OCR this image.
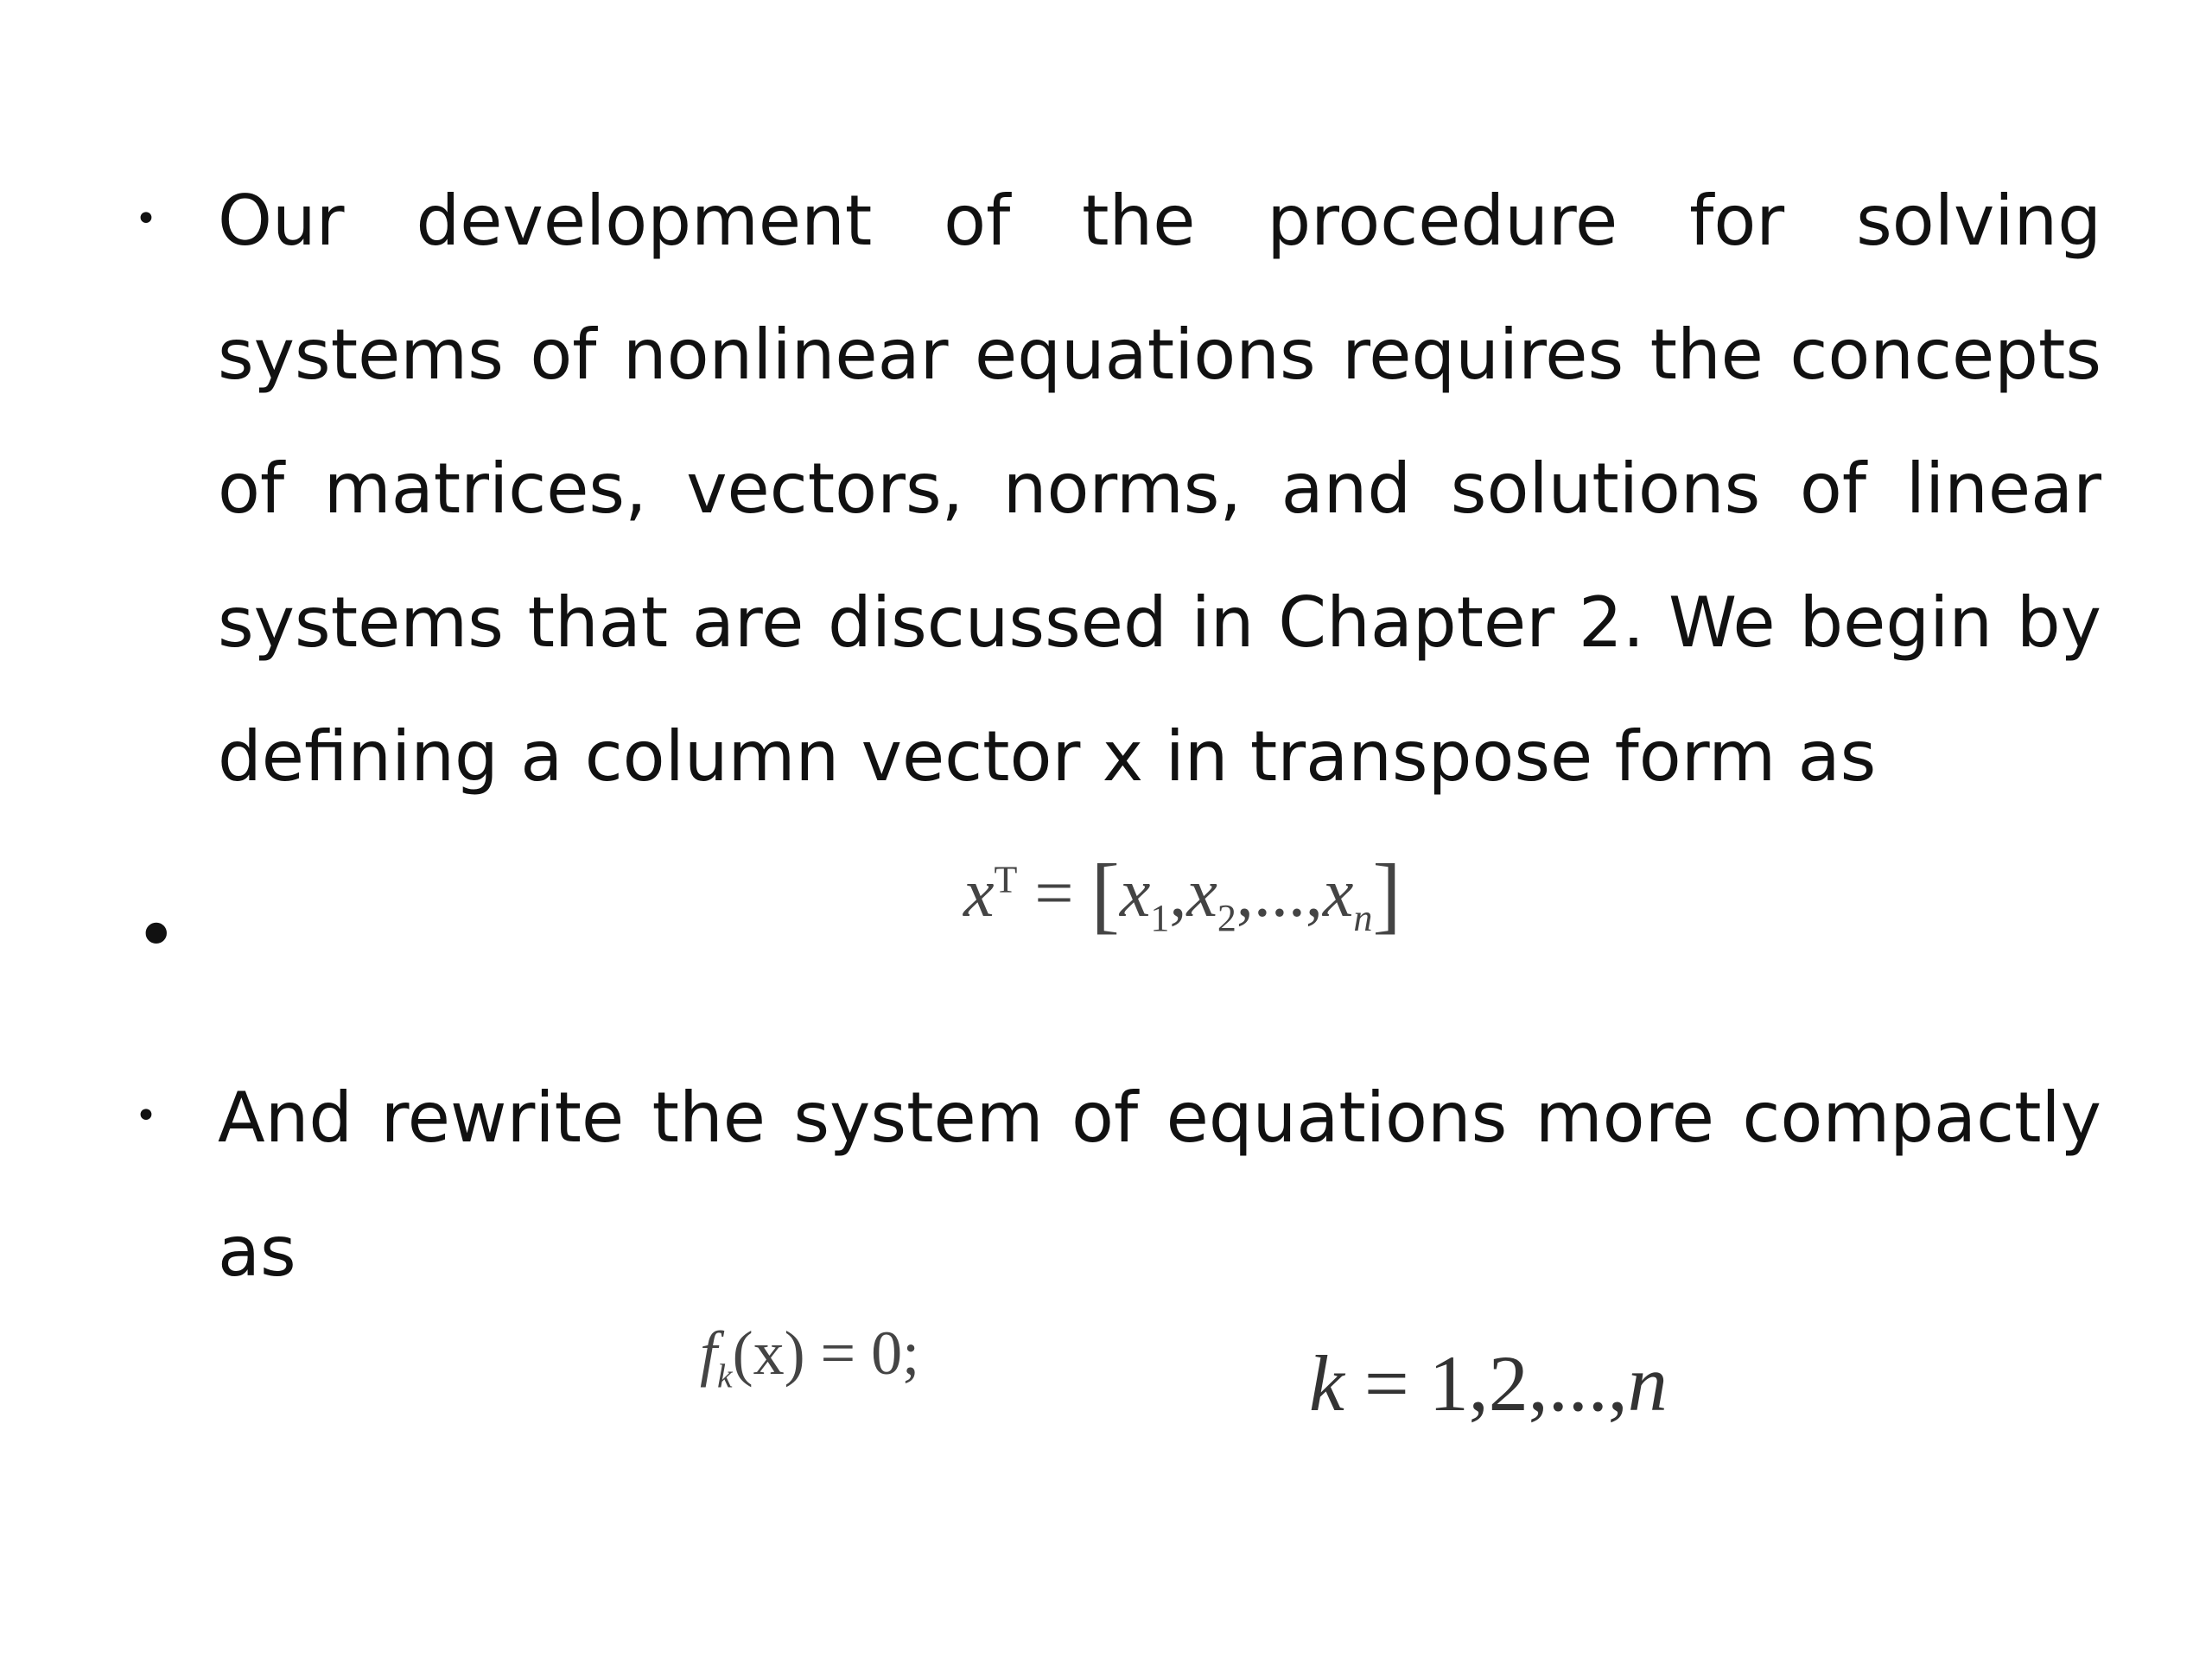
• Our development of the procedure for solving systems of nonlinear equations requires the concepts of matrices, vectors, norms, and solutions of linear systems that are discussed in Chapter 2. We begin by defining a column vector x in transpose form as
•	$x^T = [x_1,x_2,...,x_n]$
• And rewrite the system of equations more compactly as
$f_k(x) = 0$;	k = 1,2,...,n
